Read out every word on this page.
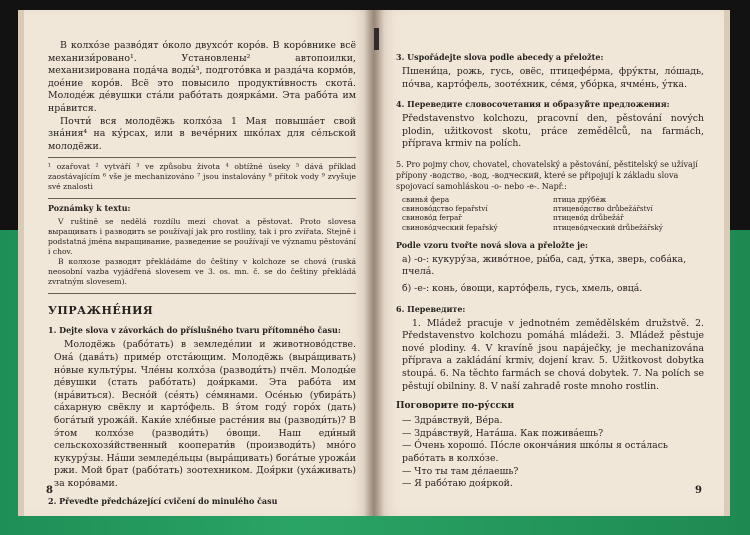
В колхо́зе разво́дят о́коло двухсо́т коро́в. В коро́внике всё механизи́ровано¹. Установлены² автопоилки, механизирована пода́ча воды́³, подгото́вка и разда́ча кормо́в, дое́ние коро́в. Всё это повысило продукти́вность скота́. Молоде́ж де́вушки ста́ли рабо́тать дояркáми. Эта рабо́та им нра́вится.

Почти́ вся молодёжь колхо́за 1 Мая повыша́ет свой зна́ния⁴ на ку́рсах, или в вече́рних шко́лах для се́льской молодёжи.

¹ ozařovat ² vytváří ³ ve způsobu života ⁴ obtížné úseky ⁵ dává příklad zaostávajícím ⁶ vše je mechanizováno ⁷ jsou instalovány ⁸ přítok vody ⁹ zvyšuje své znalosti

Poznámky k textu:

V ruštině se nedělá rozdílu mezi chovat a pěstovat. Proto slovesa выращивать i разводить se používají jak pro rostliny, tak i pro zvířata. Stejně i podstatná jména выращивание, разведение se používají ve významu pěstování i chov.

В колхозе разводят překládáme do češtiny v kolchoze se chová (ruská neosobní vazba vyjádřená slovesem ve 3. os. mn. č. se do češtiny překládá zvratným slovesem).

УПРАЖНЕ́НИЯ

1. Dejte slova v závorkách do příslušného tvaru přítomného času:

Молодёжь (рабо́тать) в земледе́лии и животново́дстве. Она́ (дава́ть) приме́р отста́ющим. Молодёжь (выра́щивать) но́вые культу́ры. Чле́ны колхо́за (разводи́ть) пчёл. Молоды́е де́вушки (стать рабо́тать) доя́рками. Эта рабо́та им (нра́виться). Весно́й (се́ять) се́мянами. Осе́нью (убира́ть) са́харную свёклу и карто́фель. В э́том году́ горо́х (дать) бога́тый урожа́й. Каки́е хле́бные расте́ния вы (разводи́ть)? В э́том колхо́зе (разводи́ть) о́вощи. Наш еди́ный сельскохозя́йственный кооперати́в (производи́ть) мно́го кукуру́зы. На́ши земледе́льцы (выра́щивать) бога́тые урожа́и ржи. Мой брат (рабо́тать) зоотехником. Доя́рки (уха́живать) за коро́вами.

2. Převeďte předcházející cvičení do minulého času

8

3. Uspořádejte slova podle abecedy a přeložte:

Пшени́ца, рожь, гусь, овёс, птицефе́рма, фру́кты, ло́шадь, по́чва, карто́фель, зоотéхник, се́мя, убо́рка, ячме́нь, у́тка.

4. Переведите словосочетания и образуйте предложения:

Představenstvo kolchozu, pracovní den, pěstování nových plodin, užitkovost skotu, práce zemědělců, na farmách, příprava krmiv na polích.

5. Pro pojmy chov, chovatel, chovatelský a pěstování, pěstitelský se užívají přípony -водство, -вод, -водческий, které se připojují k základu slova spojovací samohláskou -о- nebo -е-. Např.:

свинья́ ферa	птица дру́бéж
свиново́дство fepařství	птицево́дство drůbežářství
свиново́д ferpař	птицево́д drůbežář
свиново́дческий fepařský	птицево́дческий drůbežářský

Podle vzoru tvořte nová slova a přeložte je:

а) -о-: кукуру́за, живо́тное, ры́ба, сад, у́тка, зверь, соба́ка, пчела́.

б) -е-: конь, о́вощи, карто́фель, гусь, хмель, овца́.

6. Переведите:

1. Mládež pracuje v jednotném zemědělském družstvě. 2. Představenstvo kolchozu pomáhá mládeži. 3. Mládež pěstuje nové plodiny. 4. V kravíně jsou napáječky, je mechanizována příprava a zakládání krmiv, dojení krav. 5. Užitkovost dobytka stoupá. 6. Na těchto farmách se chová dobytek. 7. Na polích se pěstují obilniny. 8. V naší zahradě roste mnoho rostlin.

Поговорите по-ру́сски

— Здра́вствуй, Ве́ра.

— Здра́вствуй, Ната́ша. Как пожива́ешь?

— О́чень хорошо́. По́сле оконча́ния шко́лы я оста́лась рабо́тать в колхо́зе.

— Что ты там де́лаешь?

— Я рабо́таю доя́ркой.

9
